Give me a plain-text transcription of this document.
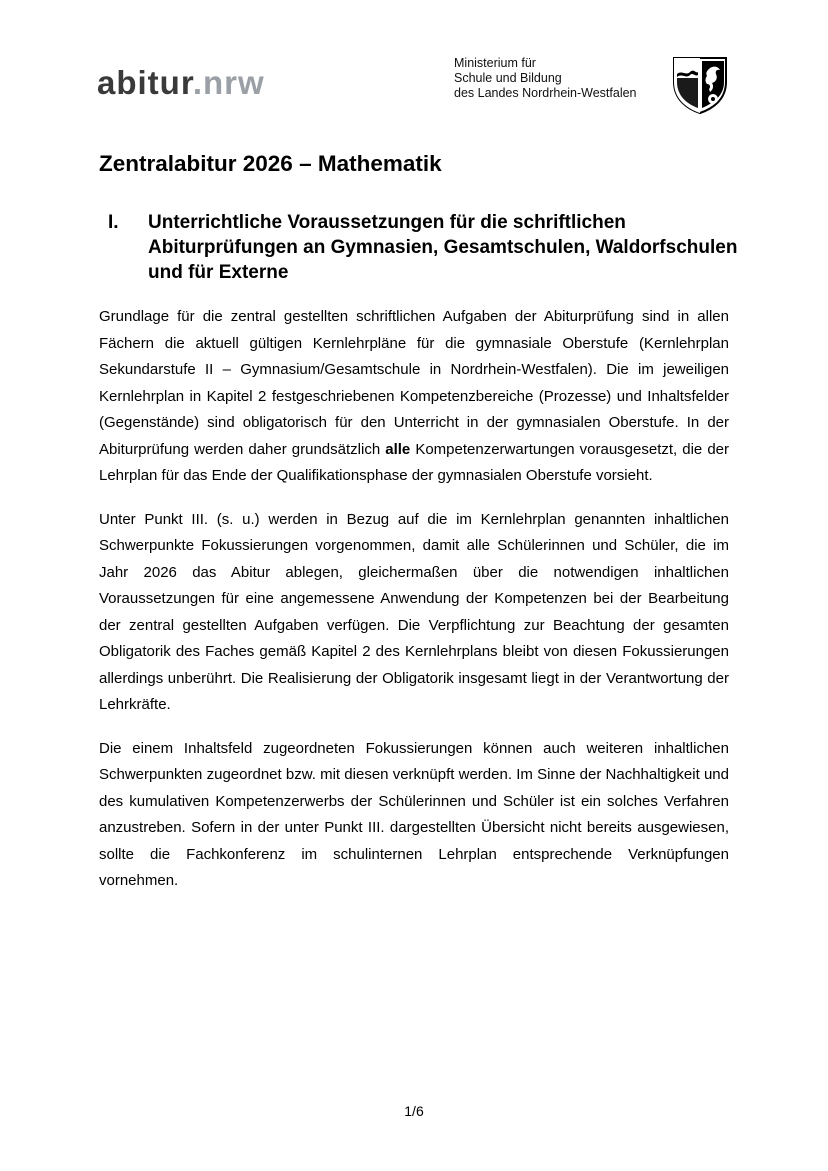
abitur.nrw
Ministerium für
Schule und Bildung
des Landes Nordrhein-Westfalen
Zentralabitur 2026 – Mathematik
I. Unterrichtliche Voraussetzungen für die schriftlichen Abiturprüfungen an Gymnasien, Gesamtschulen, Waldorfschulen und für Externe

Grundlage für die zentral gestellten schriftlichen Aufgaben der Abiturprüfung sind in allen Fächern die aktuell gültigen Kernlehrpläne für die gymnasiale Oberstufe (Kernlehrplan Sekundarstufe II – Gymnasium/Gesamtschule in Nordrhein-Westfalen). Die im jeweiligen Kernlehrplan in Kapitel 2 festgeschriebenen Kompetenzbereiche (Prozesse) und Inhaltsfelder (Gegenstände) sind obligatorisch für den Unterricht in der gymnasialen Oberstufe. In der Abiturprüfung werden daher grundsätzlich alle Kompetenzerwartungen vorausgesetzt, die der Lehrplan für das Ende der Qualifikationsphase der gymnasialen Oberstufe vorsieht.

Unter Punkt III. (s. u.) werden in Bezug auf die im Kernlehrplan genannten inhaltlichen Schwerpunkte Fokussierungen vorgenommen, damit alle Schülerinnen und Schüler, die im Jahr 2026 das Abitur ablegen, gleichermaßen über die notwendigen inhaltlichen Voraussetzungen für eine angemessene Anwendung der Kompetenzen bei der Bearbeitung der zentral gestellten Aufgaben verfügen. Die Verpflichtung zur Beachtung der gesamten Obligatorik des Faches gemäß Kapitel 2 des Kernlehrplans bleibt von diesen Fokussierungen allerdings unberührt. Die Realisierung der Obligatorik insgesamt liegt in der Verantwortung der Lehrkräfte.

Die einem Inhaltsfeld zugeordneten Fokussierungen können auch weiteren inhaltlichen Schwerpunkten zugeordnet bzw. mit diesen verknüpft werden. Im Sinne der Nachhaltigkeit und des kumulativen Kompetenzerwerbs der Schülerinnen und Schüler ist ein solches Verfahren anzustreben. Sofern in der unter Punkt III. dargestellten Übersicht nicht bereits ausgewiesen, sollte die Fachkonferenz im schulinternen Lehrplan entsprechende Verknüpfungen vornehmen.

1/6
